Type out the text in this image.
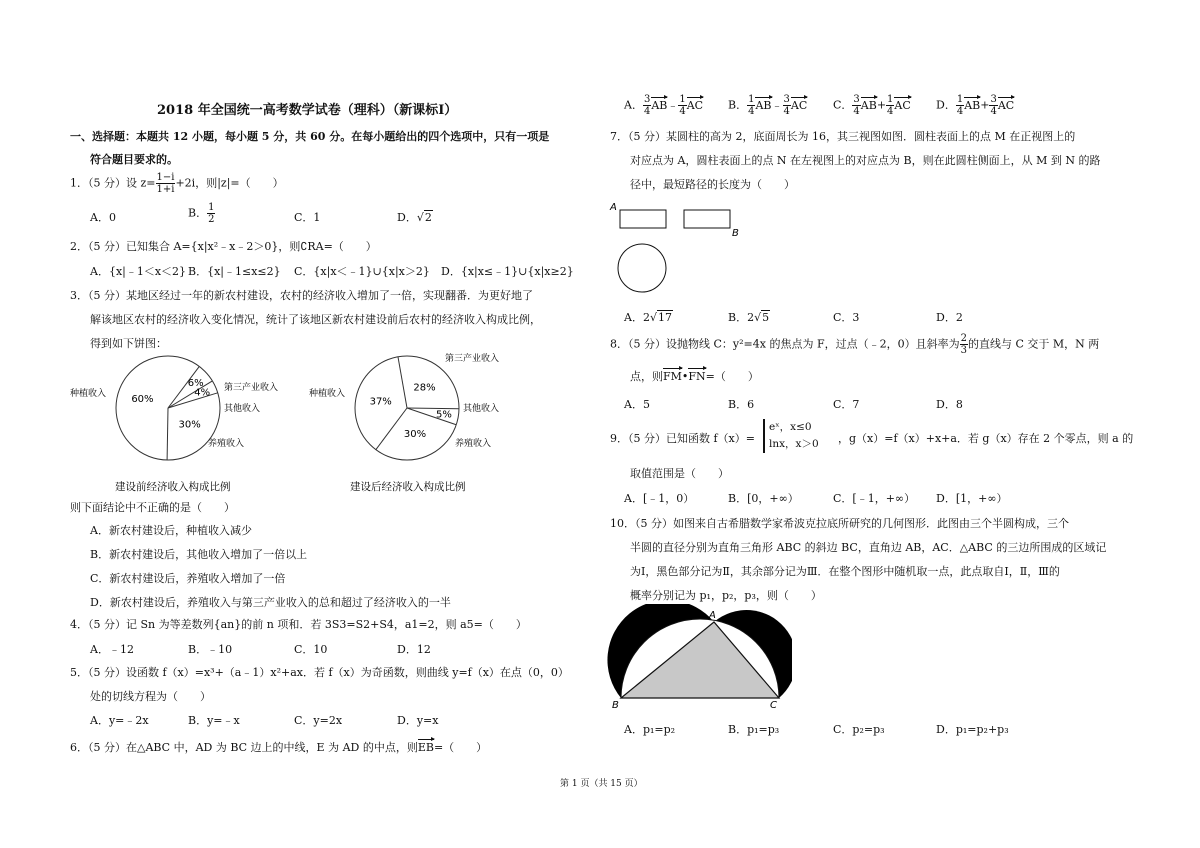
2018 年全国统一高考数学试卷（理科）（新课标Ⅰ）
一、选择题：本题共 12 小题，每小题 5 分，共 60 分。在每小题给出的四个选项中，只有一项是
符合题目要求的。
1．（5 分）设 $z= \frac{1-i}{1+i} +2i$，则|z|=（　　）
A．0	B． $\frac{1}{2}$	C．1	D．√2
2．（5 分）已知集合 A={x|x²﹣x﹣2＞0}，则∁RA=（　　）
A．{x|﹣1＜x＜2} B．{x|﹣1≤x≤2} C．{x|x＜﹣1}∪{x|x＞2} D．{x|x≤﹣1}∪{x|x≥2}
3．（5 分）某地区经过一年的新农村建设，农村的经济收入增加了一倍，实现翻番．为更好地了
解该地区农村的经济收入变化情况，统计了该地区新农村建设前后农村的经济收入构成比例，
得到如下饼图：
60%
6%
4%
30%
种植收入
第三产业收入
其他收入
养殖收入
建设前经济收入构成比例
37%
28%
5%
30%
种植收入
第三产业收入
其他收入
养殖收入
建设后经济收入构成比例
则下面结论中不正确的是（　　）
A．新农村建设后，种植收入减少
B．新农村建设后，其他收入增加了一倍以上
C．新农村建设后，养殖收入增加了一倍
D．新农村建设后，养殖收入与第三产业收入的总和超过了经济收入的一半
4．（5 分）记 Sn 为等差数列{an}的前 n 项和．若 3S3=S2+S4，a1=2，则 a5=（　　）
A．﹣12	B．﹣10	C．10	D．12
5．（5 分）设函数 f（x）=x³+（a﹣1）x²+ax．若 f（x）为奇函数，则曲线 y=f（x）在点（0，0）
处的切线方程为（　　）
A．y=﹣2x	B．y=﹣x	C．y=2x	D．y=x
6．（5 分）在△ABC 中，AD 为 BC 边上的中线，E 为 AD 的中点，则EB=（　　）
A． $\frac{3}{4}$ AB﹣ $\frac{1}{4}$ AC B． $\frac{1}{4}$ AB﹣ $\frac{3}{4}$ AC C． $\frac{3}{4} AB+ \frac{1}{4}$ AC D． $\frac{1}{4} AB+ \frac{3}{4}$ AC
7．（5 分）某圆柱的高为 2，底面周长为 16，其三视图如图．圆柱表面上的点 M 在正视图上的
对应点为 A，圆柱表面上的点 N 在左视图上的对应点为 B，则在此圆柱侧面上，从 M 到 N 的路
径中，最短路径的长度为（　　）
A
B
A．2√17	B．2√5	C．3	D．2
8．（5 分）设抛物线 C：y²=4x 的焦点为 F，过点（﹣2，0）且斜率为 $\frac{2}{3}$ 的直线与 C 交于 M，N 两
点，则FM•FN=（　　）
A．5	B．6	C．7	D．8
9．（5 分）已知函数 f（x）=
eˣ，x≤0
lnx，x＞0 ，g（x）=f（x）+x+a．若 g（x）存在 2 个零点，则 a 的
取值范围是（　　）
A．[﹣1，0）	B．[0，+∞）	C．[﹣1，+∞） D．[1，+∞）
10．（5 分）如图来自古希腊数学家希波克拉底所研究的几何图形．此图由三个半圆构成，三个
半圆的直径分别为直角三角形 ABC 的斜边 BC，直角边 AB，AC．△ABC 的三边所围成的区域记
为Ⅰ，黑色部分记为Ⅱ，其余部分记为Ⅲ．在整个图形中随机取一点，此点取自Ⅰ，Ⅱ，Ⅲ的
概率分别记为 p₁，p₂，p₃，则（　　）
A
B	C
A．p₁=p₂	B．p₁=p₃	C．p₂=p₃	D．p₁=p₂+p₃
第 1 页（共 15 页）
